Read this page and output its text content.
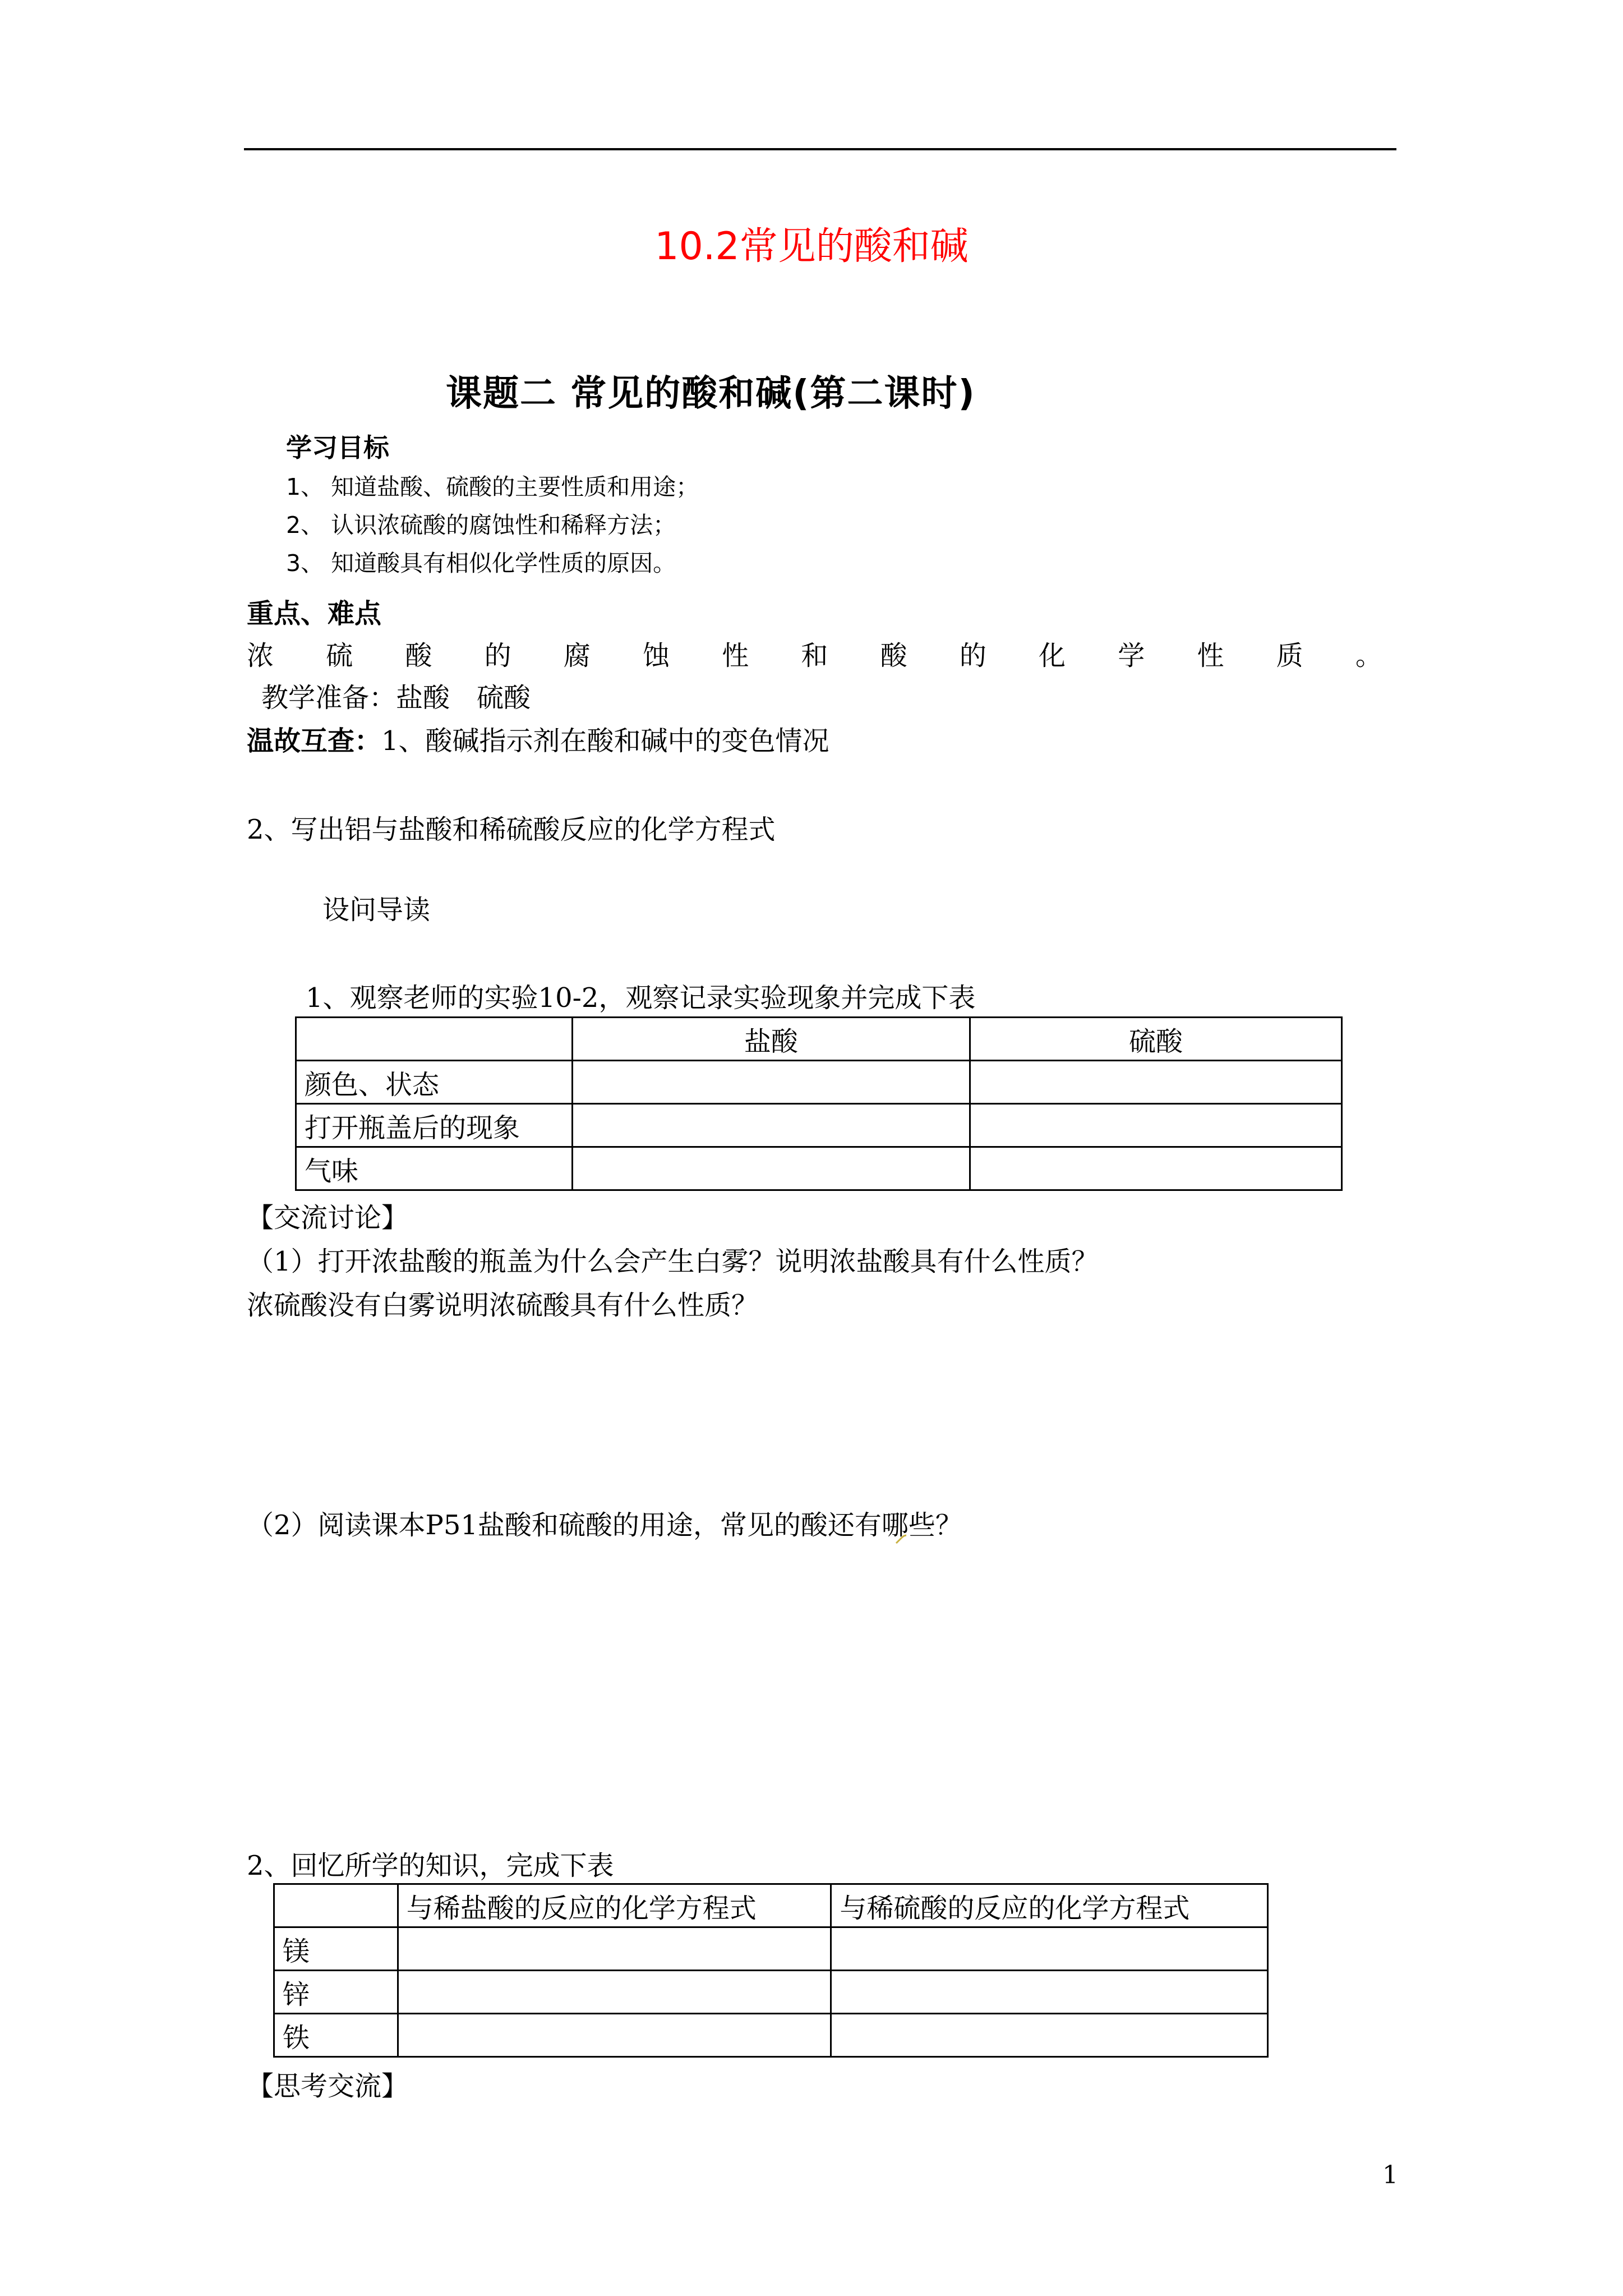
10.2常见的酸和碱
课题二 常见的酸和碱(第二课时)
学习目标
1、 知道盐酸、硫酸的主要性质和用途；
2、 认识浓硫酸的腐蚀性和稀释方法；
3、 知道酸具有相似化学性质的原因。
重点、难点
浓 硫 酸 的 腐 蚀 性 和 酸 的 化 学 性 质 。
教学准备：盐酸　硫酸
温故互查：1、酸碱指示剂在酸和碱中的变色情况
2、写出铝与盐酸和稀硫酸反应的化学方程式
设问导读
1、观察老师的实验10-2，观察记录实验现象并完成下表
	盐酸	硫酸
颜色、状态		
打开瓶盖后的现象		
气味		
【交流讨论】
（1）打开浓盐酸的瓶盖为什么会产生白雾？说明浓盐酸具有什么性质？
浓硫酸没有白雾说明浓硫酸具有什么性质？
（2）阅读课本P51盐酸和硫酸的用途，常见的酸还有哪些？
2、回忆所学的知识，完成下表
	与稀盐酸的反应的化学方程式	与稀硫酸的反应的化学方程式
镁		
锌		
铁		
【思考交流】
1
